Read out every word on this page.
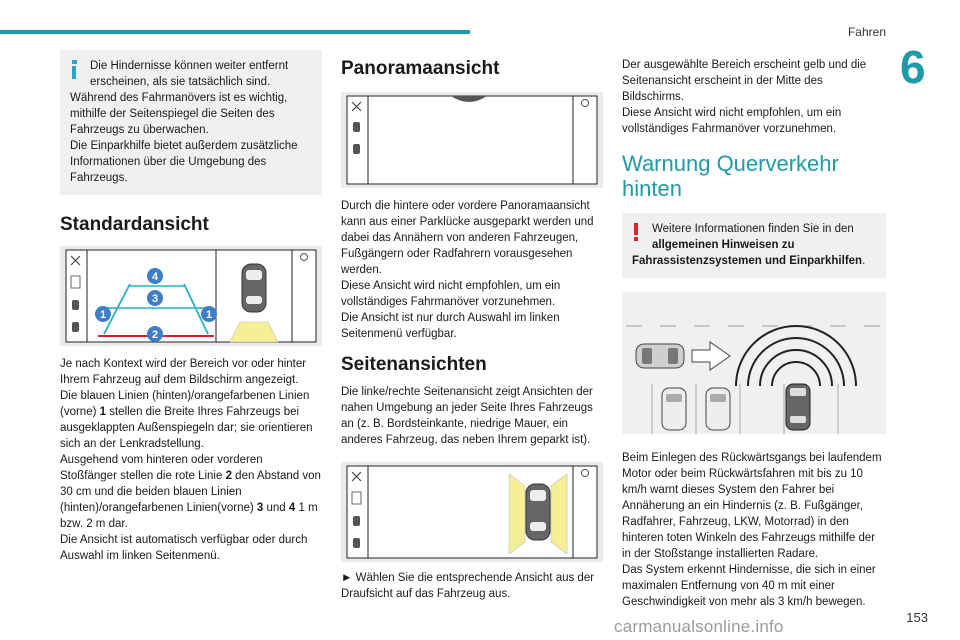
Fahren
6

Die Hindernisse können weiter entfernt
erscheinen, als sie tatsächlich sind.
Während des Fahrmanövers ist es wichtig, mithilfe der Seitenspiegel die Seiten des Fahrzeugs zu überwachen.
Die Einparkhilfe bietet außerdem zusätzliche Informationen über die Umgebung des Fahrzeugs.

Standardansicht
4
3
1	1
2

Je nach Kontext wird der Bereich vor oder hinter Ihrem Fahrzeug auf dem Bildschirm angezeigt.
Die blauen Linien (hinten)/orangefarbenen Linien (vorne) 1 stellen die Breite Ihres Fahrzeugs bei ausgeklappten Außenspiegeln dar; sie orientieren sich an der Lenkradstellung.
Ausgehend vom hinteren oder vorderen Stoßfänger stellen die rote Linie 2 den Abstand von 30 cm und die beiden blauen Linien (hinten)/orangefarbenen Linien(vorne) 3 und 4 1 m bzw. 2 m dar.
Die Ansicht ist automatisch verfügbar oder durch Auswahl im linken Seitenmenü.

Panoramaansicht

Durch die hintere oder vordere Panoramaansicht kann aus einer Parklücke ausgeparkt werden und dabei das Annähern von anderen Fahrzeugen, Fußgängern oder Radfahrern vorausgesehen werden.
Diese Ansicht wird nicht empfohlen, um ein vollständiges Fahrmanöver vorzunehmen.
Die Ansicht ist nur durch Auswahl im linken Seitenmenü verfügbar.

Seitenansichten

Die linke/rechte Seitenansicht zeigt Ansichten der nahen Umgebung an jeder Seite Ihres Fahrzeugs an (z. B. Bordsteinkante, niedrige Mauer, ein anderes Fahrzeug, das neben Ihrem geparkt ist).

► Wählen Sie die entsprechende Ansicht aus der Draufsicht auf das Fahrzeug aus.

Der ausgewählte Bereich erscheint gelb und die Seitenansicht erscheint in der Mitte des Bildschirms.
Diese Ansicht wird nicht empfohlen, um ein vollständiges Fahrmanöver vorzunehmen.

Warnung Querverkehr hinten

Weitere Informationen finden Sie in den
allgemeinen Hinweisen zu
Fahrassistenzsystemen und Einparkhilfen.

Beim Einlegen des Rückwärtsgangs bei laufendem Motor oder beim Rückwärtsfahren mit bis zu 10 km/h warnt dieses System den Fahrer bei Annäherung an ein Hindernis (z. B. Fußgänger, Radfahrer, Fahrzeug, LKW, Motorrad) in den hinteren toten Winkeln des Fahrzeugs mithilfe der in der Stoßstange installierten Radare.
Das System erkennt Hindernisse, die sich in einer maximalen Entfernung von 40 m mit einer Geschwindigkeit von mehr als 3 km/h bewegen.

153
carmanualsonline.info
